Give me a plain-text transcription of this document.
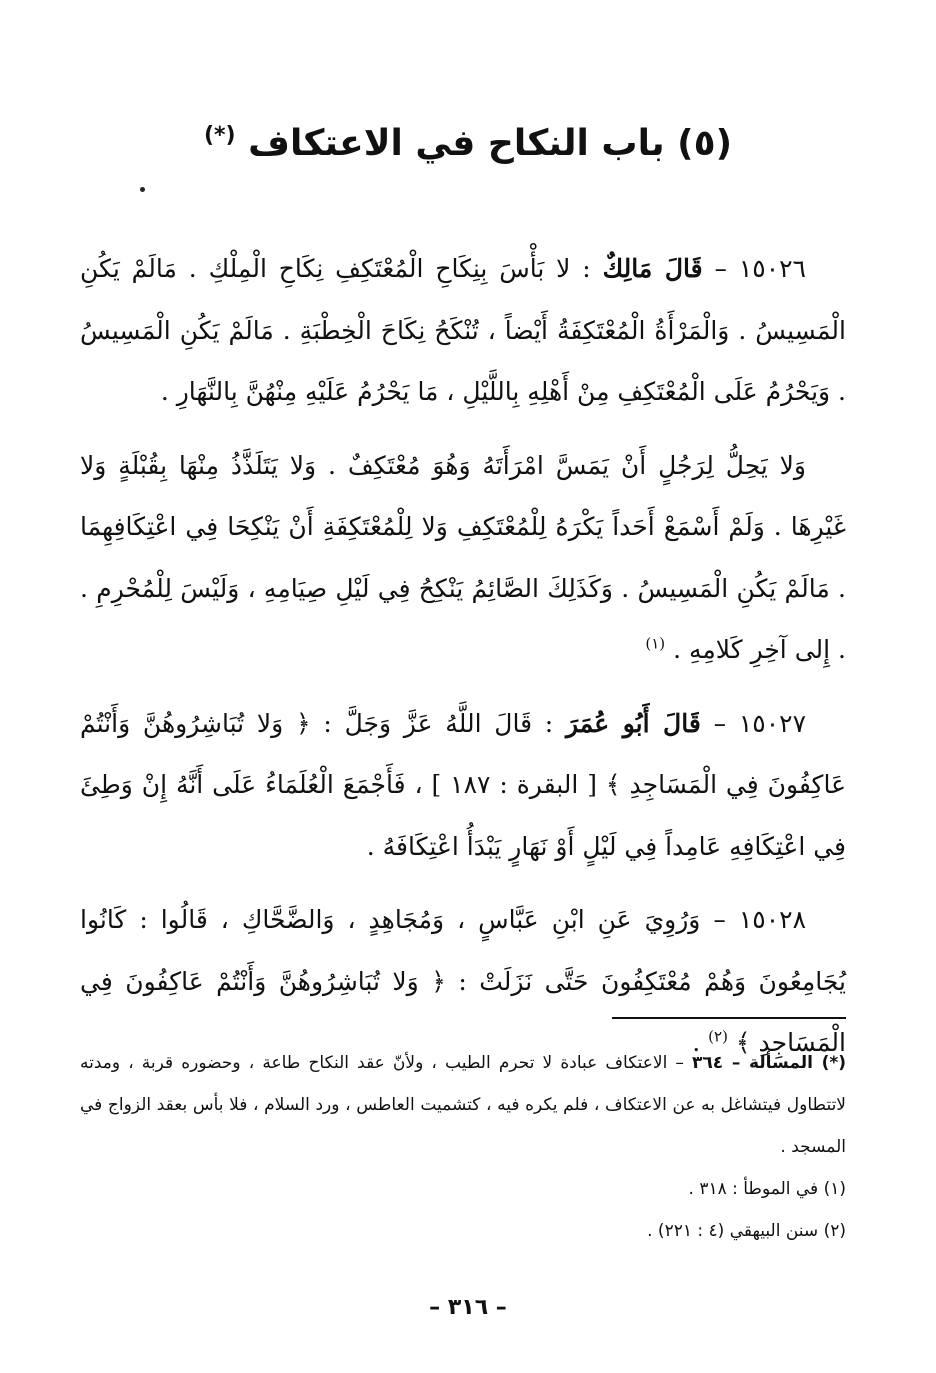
(٥) باب النكاح في الاعتكاف (*)

١٥٠٢٦ – قَالَ مَالِكٌ : لا بَأْسَ بِنِكَاحِ الْمُعْتَكِفِ نِكَاحِ الْمِلْكِ . مَالَمْ يَكُنِ الْمَسِيسُ . وَالْمَرْأَةُ الْمُعْتَكِفَةُ أَيْضاً ، تُنْكَحُ نِكَاحَ الْخِطْبَةِ . مَالَمْ يَكُنِ الْمَسِيسُ . وَيَحْرُمُ عَلَى الْمُعْتَكِفِ مِنْ أَهْلِهِ بِاللَّيْلِ ، مَا يَحْرُمُ عَلَيْهِ مِنْهُنَّ بِالنَّهَارِ .

وَلا يَحِلُّ لِرَجُلٍ أَنْ يَمَسَّ امْرَأَتَهُ وَهُوَ مُعْتَكِفٌ . وَلا يَتَلَذَّذُ مِنْهَا بِقُبْلَةٍ وَلا غَيْرِهَا . وَلَمْ أَسْمَعْ أَحَداً يَكْرَهُ لِلْمُعْتَكِفِ وَلا لِلْمُعْتَكِفَةِ أَنْ يَنْكِحَا فِي اعْتِكَافِهِمَا . مَالَمْ يَكُنِ الْمَسِيسُ . وَكَذَلِكَ الصَّائِمُ يَنْكِحُ فِي لَيْلِ صِيَامِهِ ، وَلَيْسَ لِلْمُحْرِمِ . . إِلى آخِرِ كَلامِهِ . $^{(١)}$

١٥٠٢٧ – قَالَ أَبُو عُمَرَ : قَالَ اللَّهُ عَزَّ وَجَلَّ : ﴿ وَلا تُبَاشِرُوهُنَّ وَأَنْتُمْ عَاكِفُونَ فِي الْمَسَاجِدِ ﴾ [ البقرة : ١٨٧ ] ، فَأَجْمَعَ الْعُلَمَاءُ عَلَى أَنَّهُ إِنْ وَطِئَ فِي اعْتِكَافِهِ عَامِداً فِي لَيْلٍ أَوْ نَهَارٍ يَبْدَأُ اعْتِكَافَهُ .

١٥٠٢٨ – وَرُوِيَ عَنِ ابْنِ عَبَّاسٍ ، وَمُجَاهِدٍ ، وَالضَّحَّاكِ ، قَالُوا : كَانُوا يُجَامِعُونَ وَهُمْ مُعْتَكِفُونَ حَتَّى نَزَلَتْ : ﴿ وَلا تُبَاشِرُوهُنَّ وَأَنْتُمْ عَاكِفُونَ فِي الْمَسَاجِدِ ﴾ $^{(٢)}$ .

(*) المسألة – ٣٦٤ – الاعتكاف عبادة لا تحرم الطيب ، ولأنّ عقد النكاح طاعة ، وحضوره قربة ، ومدته لاتتطاول فيتشاغل به عن الاعتكاف ، فلم يكره فيه ، كتشميت العاطس ، ورد السلام ، فلا بأس بعقد الزواج في المسجد .

(١) في الموطأ : ٣١٨ .

(٢) سنن البيهقي (٤ : ٢٢١) .

– ٣١٦ –
